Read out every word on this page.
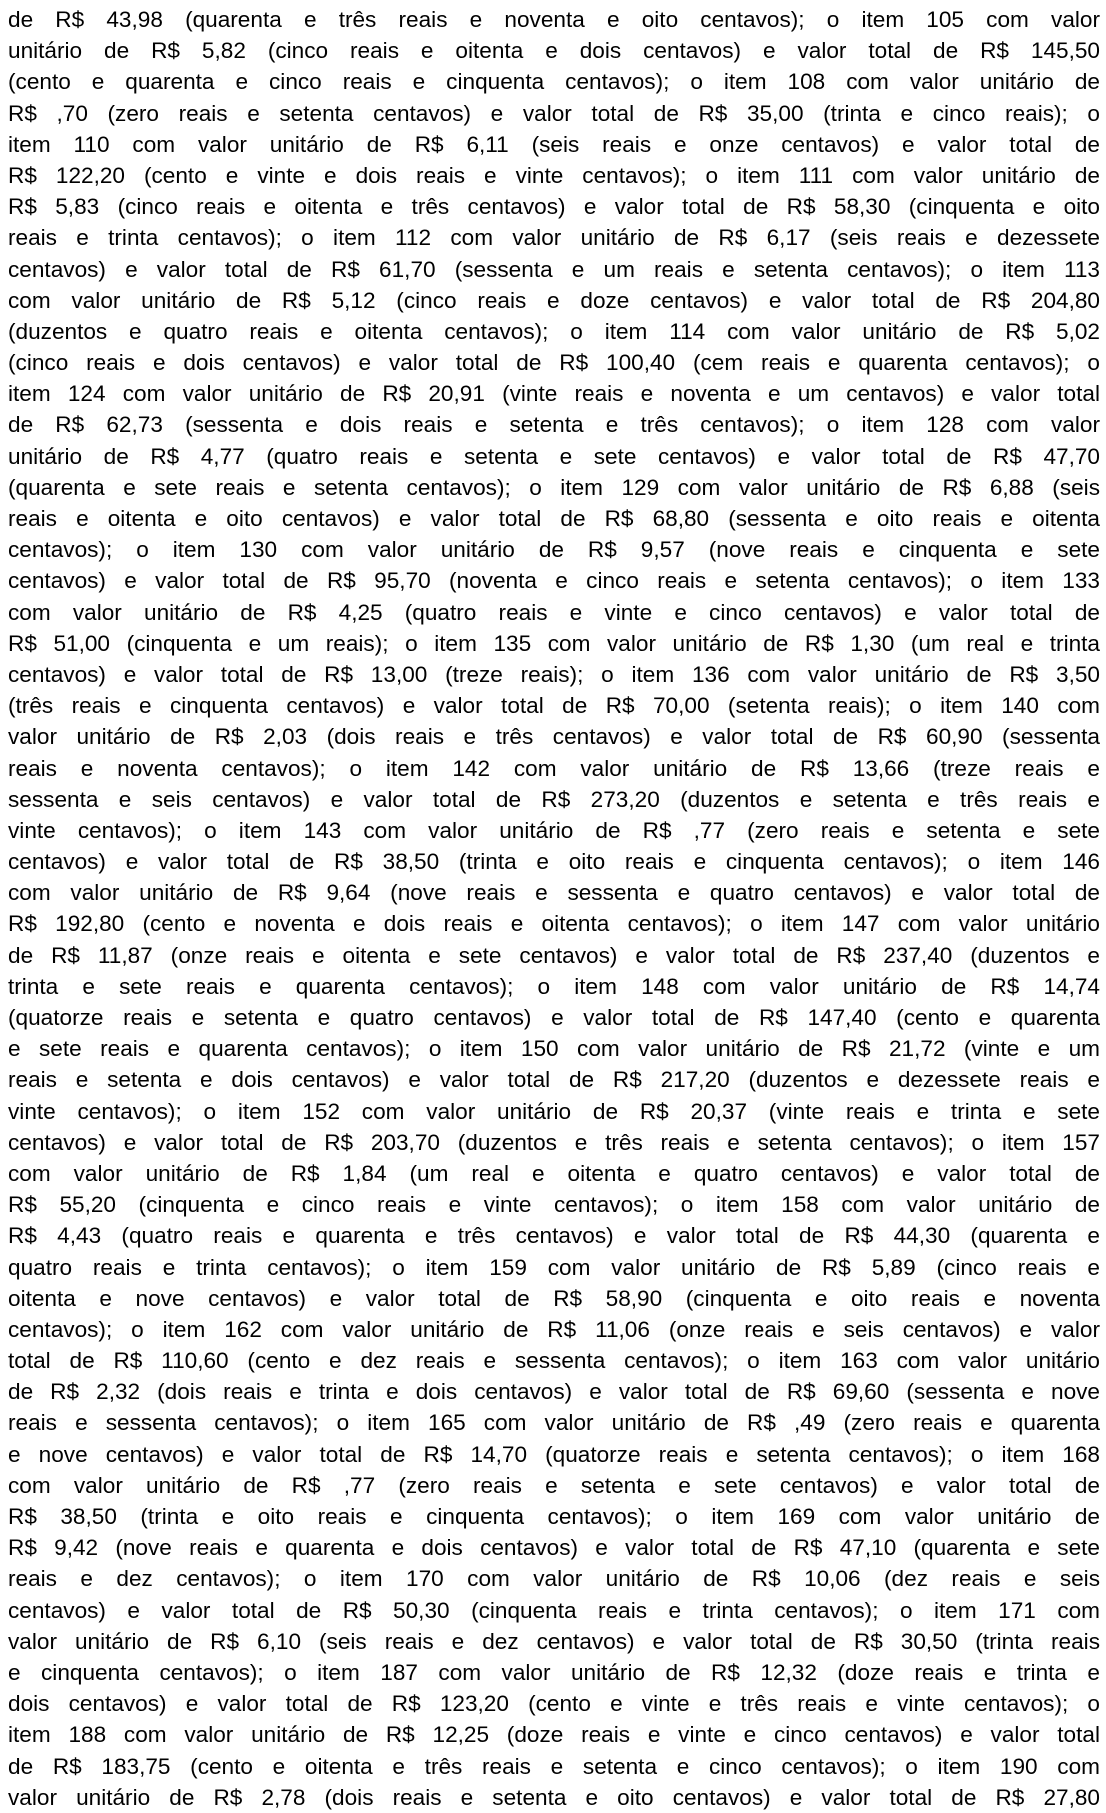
de R$ 43,98 (quarenta e três reais e noventa e oito centavos); o item 105 com valor
unitário de R$ 5,82 (cinco reais e oitenta e dois centavos) e valor total de R$ 145,50
(cento e quarenta e cinco reais e cinquenta centavos); o item 108 com valor unitário de
R$ ,70 (zero reais e setenta centavos) e valor total de R$ 35,00 (trinta e cinco reais); o
item 110 com valor unitário de R$ 6,11 (seis reais e onze centavos) e valor total de
R$ 122,20 (cento e vinte e dois reais e vinte centavos); o item 111 com valor unitário de
R$ 5,83 (cinco reais e oitenta e três centavos) e valor total de R$ 58,30 (cinquenta e oito
reais e trinta centavos); o item 112 com valor unitário de R$ 6,17 (seis reais e dezessete
centavos) e valor total de R$ 61,70 (sessenta e um reais e setenta centavos); o item 113
com valor unitário de R$ 5,12 (cinco reais e doze centavos) e valor total de R$ 204,80
(duzentos e quatro reais e oitenta centavos); o item 114 com valor unitário de R$ 5,02
(cinco reais e dois centavos) e valor total de R$ 100,40 (cem reais e quarenta centavos); o
item 124 com valor unitário de R$ 20,91 (vinte reais e noventa e um centavos) e valor total
de R$ 62,73 (sessenta e dois reais e setenta e três centavos); o item 128 com valor
unitário de R$ 4,77 (quatro reais e setenta e sete centavos) e valor total de R$ 47,70
(quarenta e sete reais e setenta centavos); o item 129 com valor unitário de R$ 6,88 (seis
reais e oitenta e oito centavos) e valor total de R$ 68,80 (sessenta e oito reais e oitenta
centavos); o item 130 com valor unitário de R$ 9,57 (nove reais e cinquenta e sete
centavos) e valor total de R$ 95,70 (noventa e cinco reais e setenta centavos); o item 133
com valor unitário de R$ 4,25 (quatro reais e vinte e cinco centavos) e valor total de
R$ 51,00 (cinquenta e um reais); o item 135 com valor unitário de R$ 1,30 (um real e trinta
centavos) e valor total de R$ 13,00 (treze reais); o item 136 com valor unitário de R$ 3,50
(três reais e cinquenta centavos) e valor total de R$ 70,00 (setenta reais); o item 140 com
valor unitário de R$ 2,03 (dois reais e três centavos) e valor total de R$ 60,90 (sessenta
reais e noventa centavos); o item 142 com valor unitário de R$ 13,66 (treze reais e
sessenta e seis centavos) e valor total de R$ 273,20 (duzentos e setenta e três reais e
vinte centavos); o item 143 com valor unitário de R$ ,77 (zero reais e setenta e sete
centavos) e valor total de R$ 38,50 (trinta e oito reais e cinquenta centavos); o item 146
com valor unitário de R$ 9,64 (nove reais e sessenta e quatro centavos) e valor total de
R$ 192,80 (cento e noventa e dois reais e oitenta centavos); o item 147 com valor unitário
de R$ 11,87 (onze reais e oitenta e sete centavos) e valor total de R$ 237,40 (duzentos e
trinta e sete reais e quarenta centavos); o item 148 com valor unitário de R$ 14,74
(quatorze reais e setenta e quatro centavos) e valor total de R$ 147,40 (cento e quarenta
e sete reais e quarenta centavos); o item 150 com valor unitário de R$ 21,72 (vinte e um
reais e setenta e dois centavos) e valor total de R$ 217,20 (duzentos e dezessete reais e
vinte centavos); o item 152 com valor unitário de R$ 20,37 (vinte reais e trinta e sete
centavos) e valor total de R$ 203,70 (duzentos e três reais e setenta centavos); o item 157
com valor unitário de R$ 1,84 (um real e oitenta e quatro centavos) e valor total de
R$ 55,20 (cinquenta e cinco reais e vinte centavos); o item 158 com valor unitário de
R$ 4,43 (quatro reais e quarenta e três centavos) e valor total de R$ 44,30 (quarenta e
quatro reais e trinta centavos); o item 159 com valor unitário de R$ 5,89 (cinco reais e
oitenta e nove centavos) e valor total de R$ 58,90 (cinquenta e oito reais e noventa
centavos); o item 162 com valor unitário de R$ 11,06 (onze reais e seis centavos) e valor
total de R$ 110,60 (cento e dez reais e sessenta centavos); o item 163 com valor unitário
de R$ 2,32 (dois reais e trinta e dois centavos) e valor total de R$ 69,60 (sessenta e nove
reais e sessenta centavos); o item 165 com valor unitário de R$ ,49 (zero reais e quarenta
e nove centavos) e valor total de R$ 14,70 (quatorze reais e setenta centavos); o item 168
com valor unitário de R$ ,77 (zero reais e setenta e sete centavos) e valor total de
R$ 38,50 (trinta e oito reais e cinquenta centavos); o item 169 com valor unitário de
R$ 9,42 (nove reais e quarenta e dois centavos) e valor total de R$ 47,10 (quarenta e sete
reais e dez centavos); o item 170 com valor unitário de R$ 10,06 (dez reais e seis
centavos) e valor total de R$ 50,30 (cinquenta reais e trinta centavos); o item 171 com
valor unitário de R$ 6,10 (seis reais e dez centavos) e valor total de R$ 30,50 (trinta reais
e cinquenta centavos); o item 187 com valor unitário de R$ 12,32 (doze reais e trinta e
dois centavos) e valor total de R$ 123,20 (cento e vinte e três reais e vinte centavos); o
item 188 com valor unitário de R$ 12,25 (doze reais e vinte e cinco centavos) e valor total
de R$ 183,75 (cento e oitenta e três reais e setenta e cinco centavos); o item 190 com
valor unitário de R$ 2,78 (dois reais e setenta e oito centavos) e valor total de R$ 27,80
